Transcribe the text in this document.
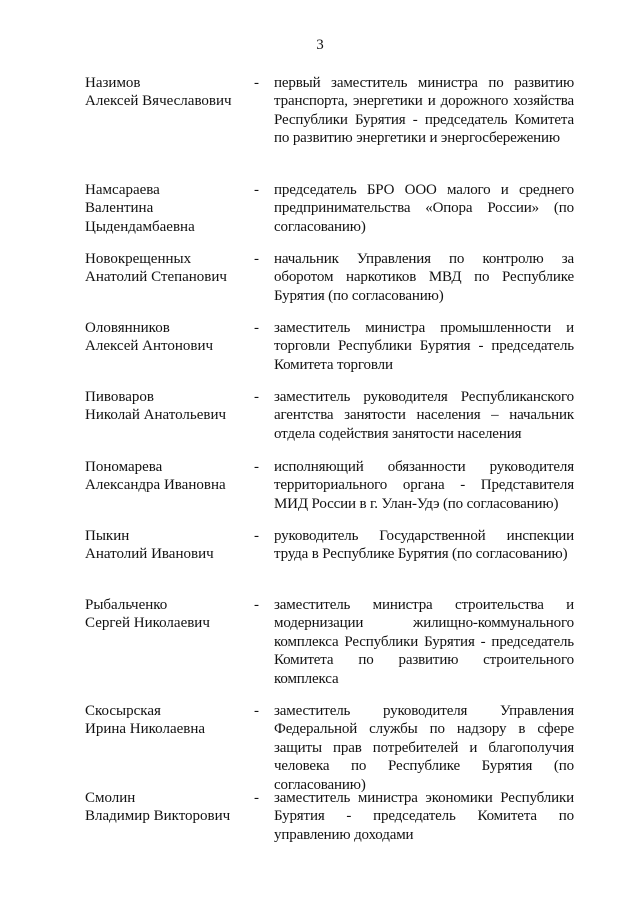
3
Назимов
Алексей Вячеславович
-	первый заместитель министра по развитию транспорта, энергетики и дорожного хозяйства Республики Бурятия - председатель Комитета по развитию энергетики и энергосбережению
Намсараева
Валентина
Цыдендамбаевна
-	председатель БРО ООО малого и среднего предпринимательства «Опора России» (по согласованию)
Новокрещенных
Анатолий Степанович
-	начальник Управления по контролю за оборотом наркотиков МВД по Республике Бурятия (по согласованию)
Оловянников
Алексей Антонович
-	заместитель министра промышленности и торговли Республики Бурятия - председатель Комитета торговли
Пивоваров
Николай Анатольевич
-	заместитель руководителя Республиканского агентства занятости населения – начальник отдела содействия занятости населения
Пономарева
Александра Ивановна
-	исполняющий обязанности руководителя территориального органа - Представителя МИД России в г. Улан-Удэ (по согласованию)
Пыкин
Анатолий Иванович
-	руководитель Государственной инспекции труда в Республике Бурятия (по согласованию)
Рыбальченко
Сергей Николаевич
-	заместитель министра строительства и модернизации жилищно-коммунального комплекса Республики Бурятия - председатель Комитета по развитию строительного комплекса
Скосырская
Ирина Николаевна
-	заместитель руководителя Управления Федеральной службы по надзору в сфере защиты прав потребителей и благополучия человека по Республике Бурятия (по согласованию)
Смолин
Владимир Викторович
-	заместитель министра экономики Республики Бурятия - председатель Комитета по управлению доходами
